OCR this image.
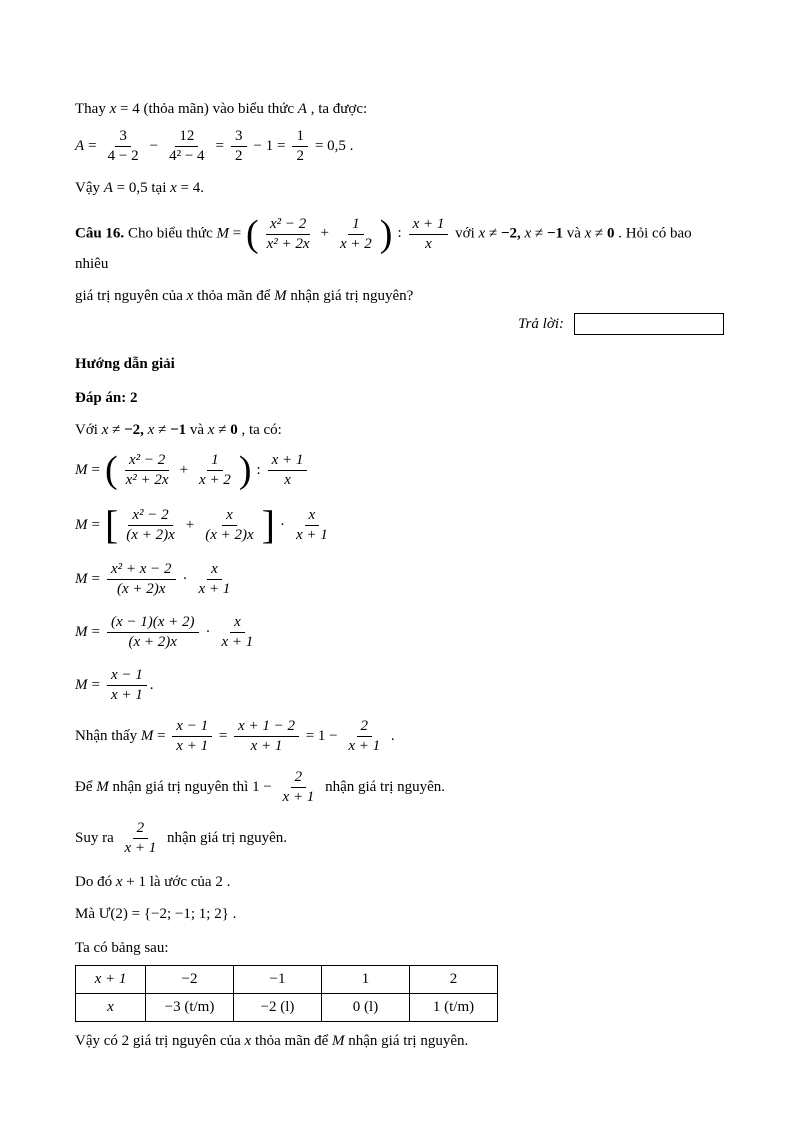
Thay x = 4 (thỏa mãn) vào biểu thức A , ta được:

$A = \frac{3}{4 - 2} - \frac{12}{\text{4² − 4}} = \frac{3}{2} - 1 = \frac{1}{2} = 0,5$ .

Vậy A = 0,5 tại x = 4.

Câu 16. Cho biểu thức M = ( $\frac{\text{x² − 2}}{\text{x² + 2x}} + \frac{1}{x + 2}$ ) : $\frac{x + 1}{x}$ với x ≠ −2, x ≠ −1 và x ≠ 0 . Hỏi có bao nhiêu

giá trị nguyên của x thỏa mãn để M nhận giá trị nguyên?

Trả lời:

Hướng dẫn giải

Đáp án: 2

Với x ≠ −2, x ≠ −1 và x ≠ 0 , ta có:

M = ( $\frac{\text{x² − 2}}{\text{x² + 2x}} + \frac{1}{x + 2}$ ) : $\frac{x + 1}{x}$
M = [ $\frac{\text{x² − 2}}{(x + 2)x} + \frac{x}{(x + 2)x}$ ] · $\frac{x}{x + 1}$
$M = \frac{\text{x² + x − 2}}{(x + 2)x} \cdot \frac{x}{x + 1}$
$M = \frac{(x - 1)(x + 2)}{(x + 2)x} \cdot \frac{x}{x + 1}$
$M = \frac{x - 1}{x + 1}$ .

Nhận thấy $M = \frac{x - 1}{x + 1} = \frac{x + 1 - 2}{x + 1} = 1 - \frac{2}{x + 1}$ .

Để M nhận giá trị nguyên thì $1 - \frac{2}{x + 1}$ nhận giá trị nguyên.

Suy ra $\frac{2}{x + 1}$ nhận giá trị nguyên.

Do đó x + 1 là ước của 2 .

Mà Ư(2) = {−2; −1; 1; 2} .

Ta có bảng sau:

x + 1	−2	−1	1	2
x	−3 (t/m)	−2 (l)	0 (l)	1 (t/m)

Vậy có 2 giá trị nguyên của x thỏa mãn để M nhận giá trị nguyên.
